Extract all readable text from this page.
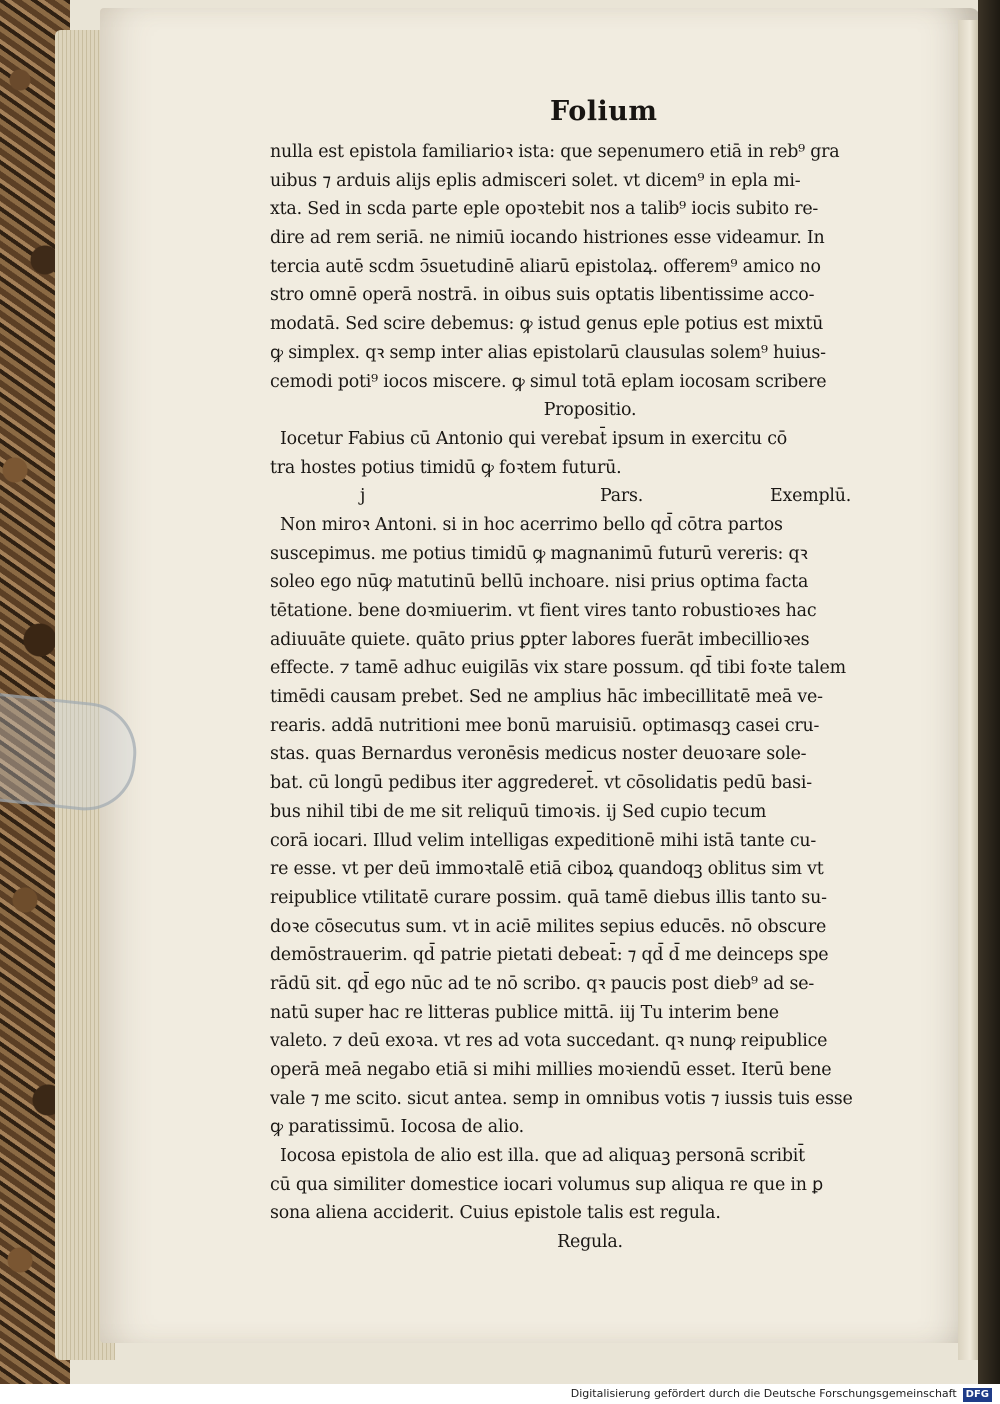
Folium
nulla est epistola familiarioꝛ ista: que sepenumero etiā in reb⁹ gra
uibus ⁊ arduis alijs eplis admisceri solet. vt dicem⁹ in epla mi-
xta. Sed in scda parte eple opoꝛtebit nos a talib⁹ iocis subito re-
dire ad rem seriā. ne nimiū iocando histriones esse videamur. In
tercia autē scdm ↄ̄suetudinē aliarū epistolaꝝ. offerem⁹ amico no
stro omnē operā nostrā. in oibus suis optatis libentissime acco-
modatā. Sed scire debemus: ꝙ istud genus eple potius est mixtū
ꝙ simplex. qꝛ semp inter alias epistolarū clausulas solem⁹ huius-
cemodi poti⁹ iocos miscere. ꝙ simul totā eplam iocosam scribere
Propositio.
Iocetur Fabius cū Antonio qui verebat̄ ipsum in exercitu cō
tra hostes potius timidū ꝙ foꝛtem futurū.
j	Pars.	Exemplū.
Non miroꝛ Antoni. si in hoc acerrimo bello qd̄ cōtra partos
suscepimus. me potius timidū ꝙ magnanimū futurū vereris: qꝛ
soleo ego nūꝙ matutinū bellū inchoare. nisi prius optima facta
tētatione. bene doꝛmiuerim. vt fient vires tanto robustioꝛes hac
adiuuāte quiete. quāto prius ꝑpter labores fuerāt imbecillioꝛes
effecte. ⁊ tamē adhuc euigilās vix stare possum. qd̄ tibi foꝛte talem
timēdi causam prebet. Sed ne amplius hāc imbecillitatē meā ve-
rearis. addā nutritioni mee bonū maruisiū. optimasqꝫ casei cru-
stas. quas Bernardus veronēsis medicus noster deuoꝛare sole-
bat. cū longū pedibus iter aggrederet̄. vt cōsolidatis pedū basi-
bus nihil tibi de me sit reliquū timoꝛis. ij Sed cupio tecum
corā iocari. Illud velim intelligas expeditionē mihi istā tante cu-
re esse. vt per deū immoꝛtalē etiā ciboꝝ quandoqꝫ oblitus sim vt
reipublice vtilitatē curare possim. quā tamē diebus illis tanto su-
doꝛe cōsecutus sum. vt in aciē milites sepius educēs. nō obscure
demōstrauerim. qd̄ patrie pietati debeat̄: ⁊ qd̄ d̄ me deinceps spe
rādū sit. qd̄ ego nūc ad te nō scribo. qꝛ paucis post dieb⁹ ad se-
natū super hac re litteras publice mittā. iij Tu interim bene
valeto. ⁊ deū exoꝛa. vt res ad vota succedant. qꝛ nunꝙ reipublice
operā meā negabo etiā si mihi millies moꝛiendū esset. Iterū bene
vale ⁊ me scito. sicut antea. semp in omnibus votis ⁊ iussis tuis esse
ꝙ paratissimū. Iocosa de alio.
Iocosa epistola de alio est illa. que ad aliquaꝫ personā scribit̄
cū qua similiter domestice iocari volumus sup aliqua re que in ꝑ
sona aliena acciderit. Cuius epistole talis est regula.
Regula.
Digitalisierung gefördert durch die Deutsche Forschungsgemeinschaft DFG
